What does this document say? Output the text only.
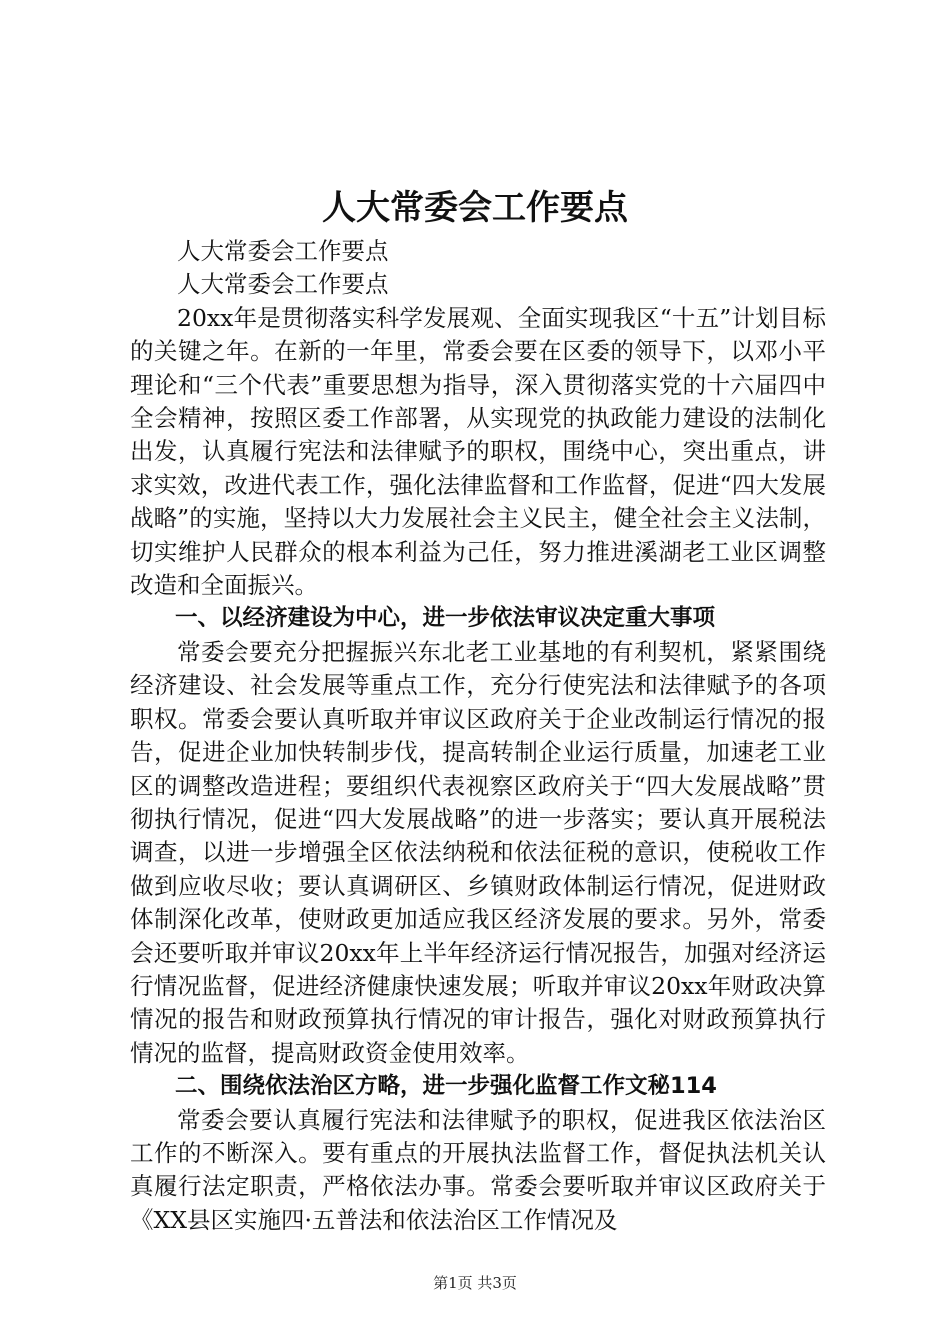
人大常委会工作要点

人大常委会工作要点

人大常委会工作要点

20xx年是贯彻落实科学发展观、全面实现我区“十五”计划目标的关键之年。在新的一年里，常委会要在区委的领导下，以邓小平理论和“三个代表”重要思想为指导，深入贯彻落实党的十六届四中全会精神，按照区委工作部署，从实现党的执政能力建设的法制化出发，认真履行宪法和法律赋予的职权，围绕中心，突出重点，讲求实效，改进代表工作，强化法律监督和工作监督，促进“四大发展战略”的实施，坚持以大力发展社会主义民主，健全社会主义法制，切实维护人民群众的根本利益为己任，努力推进溪湖老工业区调整改造和全面振兴。

一、以经济建设为中心，进一步依法审议决定重大事项

常委会要充分把握振兴东北老工业基地的有利契机，紧紧围绕经济建设、社会发展等重点工作，充分行使宪法和法律赋予的各项职权。常委会要认真听取并审议区政府关于企业改制运行情况的报告，促进企业加快转制步伐，提高转制企业运行质量，加速老工业区的调整改造进程；要组织代表视察区政府关于“四大发展战略”贯彻执行情况，促进“四大发展战略”的进一步落实；要认真开展税法调查，以进一步增强全区依法纳税和依法征税的意识，使税收工作做到应收尽收；要认真调研区、乡镇财政体制运行情况，促进财政体制深化改革，使财政更加适应我区经济发展的要求。另外，常委会还要听取并审议20xx年上半年经济运行情况报告，加强对经济运行情况监督，促进经济健康快速发展；听取并审议20xx年财政决算情况的报告和财政预算执行情况的审计报告，强化对财政预算执行情况的监督，提高财政资金使用效率。

二、围绕依法治区方略，进一步强化监督工作文秘114

常委会要认真履行宪法和法律赋予的职权，促进我区依法治区工作的不断深入。要有重点的开展执法监督工作，督促执法机关认真履行法定职责，严格依法办事。常委会要听取并审议区政府关于《XX县区实施四·五普法和依法治区工作情况及

第1页 共3页
